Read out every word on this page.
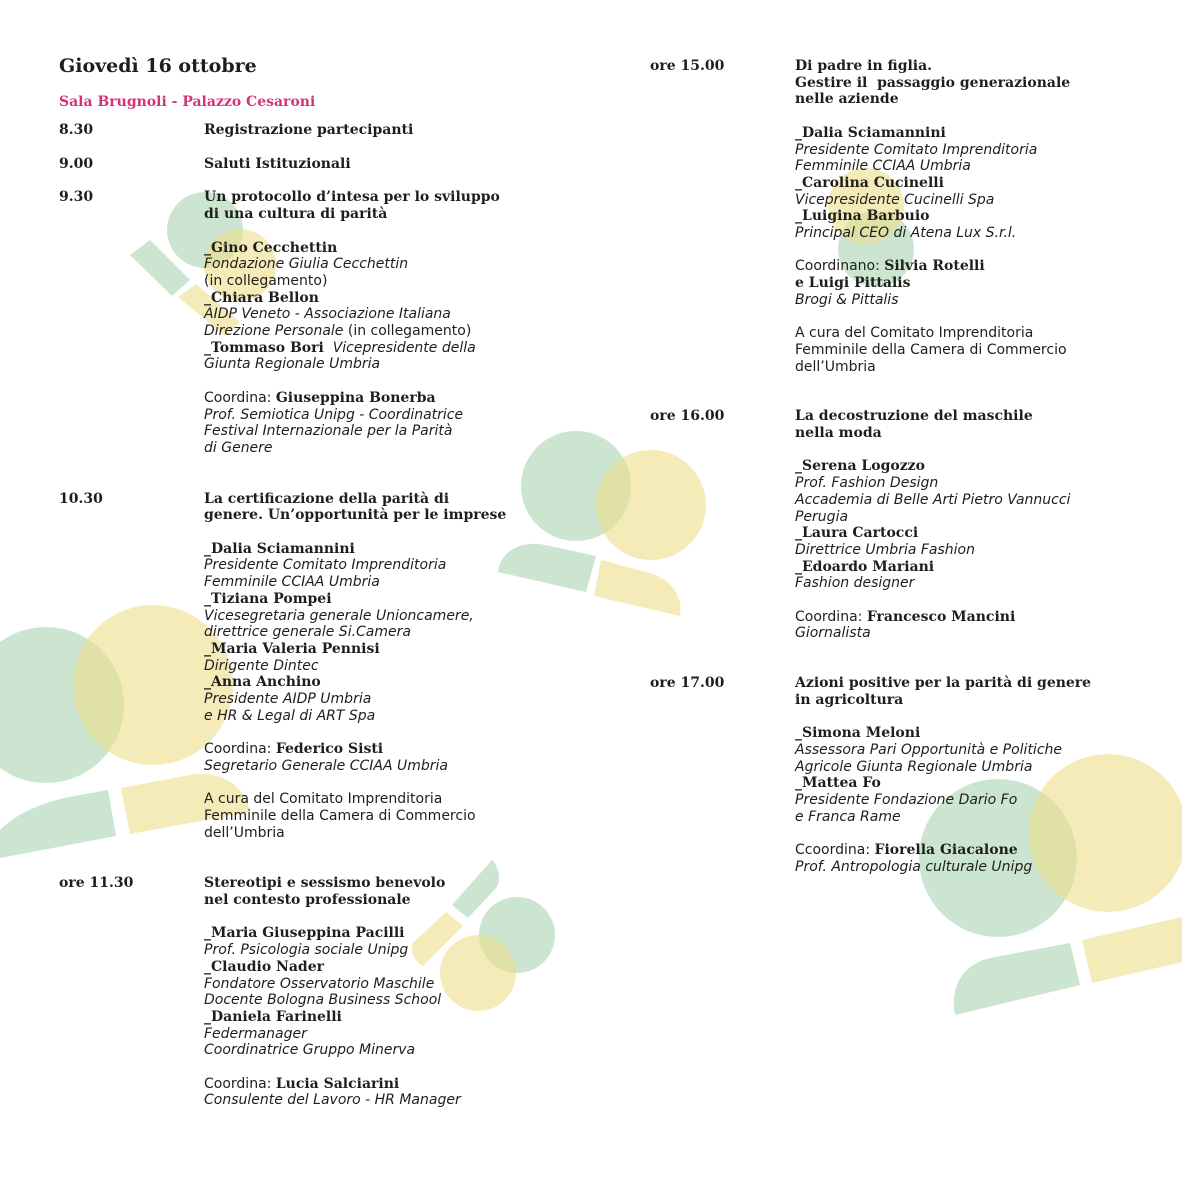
Giovedì 16 ottobre
Sala Brugnoli - Palazzo Cesaroni
8.30	Registrazione partecipanti
9.00	Saluti Istituzionali
9.30	Un protocollo d’intesa per lo sviluppo
di una cultura di parità
_Gino Cecchettin
Fondazione Giulia Cecchettin
(in collegamento)
_Chiara Bellon
AIDP Veneto - Associazione Italiana
Direzione Personale (in collegamento)
_Tommaso Bori  Vicepresidente della
Giunta Regionale Umbria
Coordina: Giuseppina Bonerba
Prof. Semiotica Unipg - Coordinatrice
Festival Internazionale per la Parità
di Genere
10.30	La certificazione della parità di
genere. Un’opportunità per le imprese
_Dalia Sciamannini
Presidente Comitato Imprenditoria
Femminile CCIAA Umbria
_Tiziana Pompei
Vicesegretaria generale Unioncamere,
direttrice generale Si.Camera
_Maria Valeria Pennisi
Dirigente Dintec
_Anna Anchino
Presidente AIDP Umbria
e HR & Legal di ART Spa
Coordina: Federico Sisti
Segretario Generale CCIAA Umbria
A cura del Comitato Imprenditoria
Femminile della Camera di Commercio
dell’Umbria
ore 11.30	Stereotipi e sessismo benevolo
nel contesto professionale
_Maria Giuseppina Pacilli
Prof. Psicologia sociale Unipg
_Claudio Nader
Fondatore Osservatorio Maschile
Docente Bologna Business School
_Daniela Farinelli
Federmanager
Coordinatrice Gruppo Minerva
Coordina: Lucia Salciarini
Consulente del Lavoro - HR Manager
ore 15.00	Di padre in figlia.
Gestire il  passaggio generazionale
nelle aziende
_Dalia Sciamannini
Presidente Comitato Imprenditoria
Femminile CCIAA Umbria
_Carolina Cucinelli
Vicepresidente Cucinelli Spa
_Luigina Barbuio
Principal CEO di Atena Lux S.r.l.
Coordinano: Silvia Rotelli
e Luigi Pittalis
Brogi & Pittalis
A cura del Comitato Imprenditoria
Femminile della Camera di Commercio
dell’Umbria
ore 16.00	La decostruzione del maschile
nella moda
_Serena Logozzo
Prof. Fashion Design
Accademia di Belle Arti Pietro Vannucci
Perugia
_Laura Cartocci
Direttrice Umbria Fashion
_Edoardo Mariani
Fashion designer
Coordina: Francesco Mancini
Giornalista
ore 17.00	Azioni positive per la parità di genere
in agricoltura
_Simona Meloni
Assessora Pari Opportunità e Politiche
Agricole Giunta Regionale Umbria
_Mattea Fo
Presidente Fondazione Dario Fo
e Franca Rame
Ccoordina: Fiorella Giacalone
Prof. Antropologia culturale Unipg
